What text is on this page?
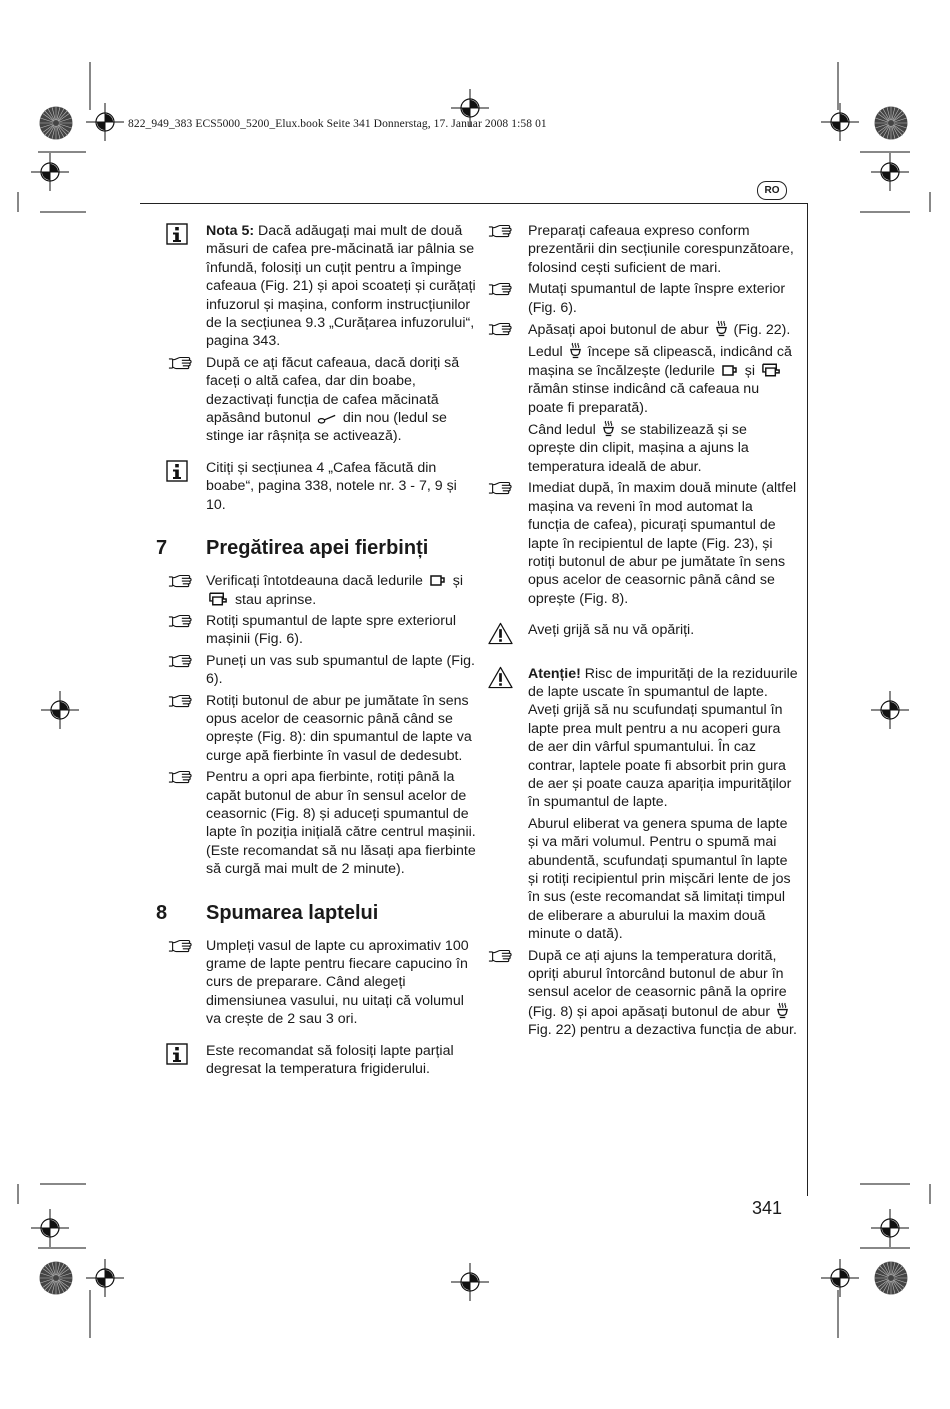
822_949_383 ECS5000_5200_Elux.book Seite 341 Donnerstag, 17. Januar 2008 1:58 01
RO
Nota 5: Dacă adăugați mai mult de două măsuri de cafea pre-măcinată iar pâlnia se înfundă, folosiți un cuțit pentru a împinge cafeaua (Fig. 21) și apoi scoateți și curățați infuzorul și mașina, conform instrucțiunilor de la secțiunea 9.3 „Curățarea infuzorului“, pagina 343.
După ce ați făcut cafeaua, dacă doriți să faceți o altă cafea, dar din boabe, dezactivați funcția de cafea măcinată apăsând butonul  din nou (ledul se stinge iar râșnița se activează).
Citiți și secțiunea 4 „Cafea făcută din boabe“, pagina 338, notele nr. 3 - 7, 9 și 10.
7 Pregătirea apei fierbinți
Verificați întotdeauna dacă ledurile  și  stau aprinse.
Rotiți spumantul de lapte spre exteriorul mașinii (Fig. 6).
Puneți un vas sub spumantul de lapte (Fig. 6).
Rotiți butonul de abur pe jumătate în sens opus acelor de ceasornic până când se oprește (Fig. 8): din spumantul de lapte va curge apă fierbinte în vasul de dedesubt.
Pentru a opri apa fierbinte, rotiți până la capăt butonul de abur în sensul acelor de ceasornic (Fig. 8) și aduceți spumantul de lapte în poziția inițială către centrul mașinii. (Este recomandat să nu lăsați apa fierbinte să curgă mai mult de 2 minute).
8 Spumarea laptelui
Umpleți vasul de lapte cu aproximativ 100 grame de lapte pentru fiecare capucino în curs de preparare. Când alegeți dimensiunea vasului, nu uitați că volumul va crește de 2 sau 3 ori.
Este recomandat să folosiți lapte parțial degresat la temperatura frigiderului.
Preparați cafeaua expreso conform prezentării din secțiunile corespunzătoare, folosind cești suficient de mari.
Mutați spumantul de lapte înspre exterior (Fig. 6).
Apăsați apoi butonul de abur  (Fig. 22).
Ledul  începe să clipească, indicând că mașina se încălzește (ledurile  și  rămân stinse indicând că cafeaua nu poate fi preparată).
Când ledul  se stabilizează și se oprește din clipit, mașina a ajuns la temperatura ideală de abur.
Imediat după, în maxim două minute (altfel mașina va reveni în mod automat la funcția de cafea), picurați spumantul de lapte în recipientul de lapte (Fig. 23), și rotiți butonul de abur pe jumătate în sens opus acelor de ceasornic până când se oprește (Fig. 8).
Aveți grijă să nu vă opăriți.
Atenție! Risc de impurități de la reziduurile de lapte uscate în spumantul de lapte. Aveți grijă să nu scufundați spumantul în lapte prea mult pentru a nu acoperi gura de aer din vârful spumantului. În caz contrar, laptele poate fi absorbit prin gura de aer și poate cauza apariția impurităților în spumantul de lapte.
Aburul eliberat va genera spuma de lapte și va mări volumul. Pentru o spumă mai abundentă, scufundați spumantul în lapte și rotiți recipientul prin mișcări lente de jos în sus (este recomandat să limitați timpul de eliberare a aburului la maxim două minute o dată).
După ce ați ajuns la temperatura dorită, opriți aburul întorcând butonul de abur în sensul acelor de ceasornic până la oprire (Fig. 8) și apoi apăsați butonul de abur  Fig. 22) pentru a dezactiva funcția de abur.
341
